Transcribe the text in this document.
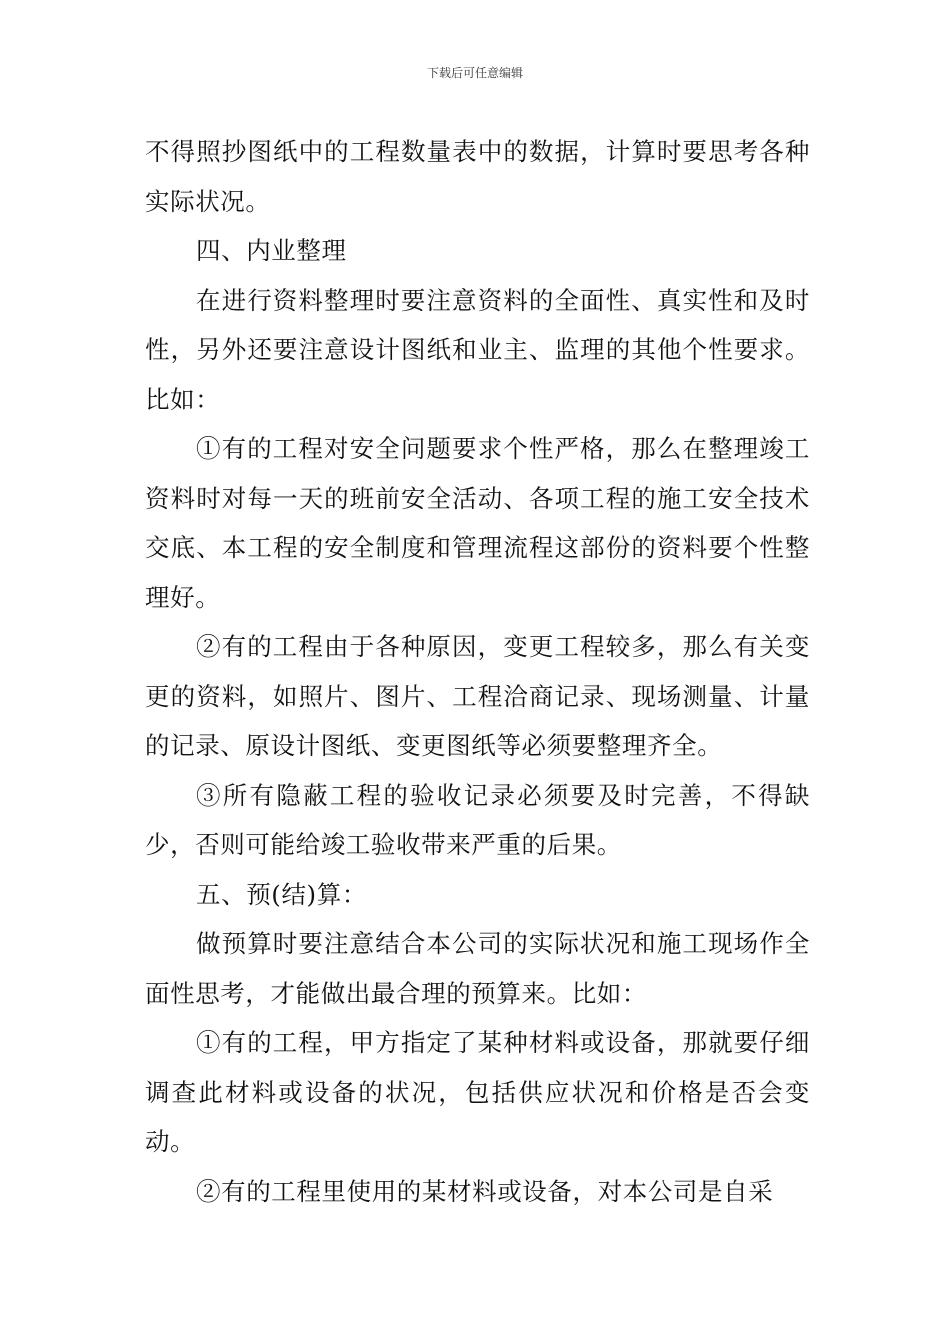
下载后可任意编辑

不得照抄图纸中的工程数量表中的数据，计算时要思考各种实际状况。

四、内业整理

在进行资料整理时要注意资料的全面性、真实性和及时性，另外还要注意设计图纸和业主、监理的其他个性要求。比如：

①有的工程对安全问题要求个性严格，那么在整理竣工资料时对每一天的班前安全活动、各项工程的施工安全技术交底、本工程的安全制度和管理流程这部份的资料要个性整理好。

②有的工程由于各种原因，变更工程较多，那么有关变更的资料，如照片、图片、工程洽商记录、现场测量、计量的记录、原设计图纸、变更图纸等必须要整理齐全。

③所有隐蔽工程的验收记录必须要及时完善，不得缺少，否则可能给竣工验收带来严重的后果。

五、预(结)算：

做预算时要注意结合本公司的实际状况和施工现场作全面性思考，才能做出最合理的预算来。比如：

①有的工程，甲方指定了某种材料或设备，那就要仔细调查此材料或设备的状况，包括供应状况和价格是否会变动。

②有的工程里使用的某材料或设备，对本公司是自采
